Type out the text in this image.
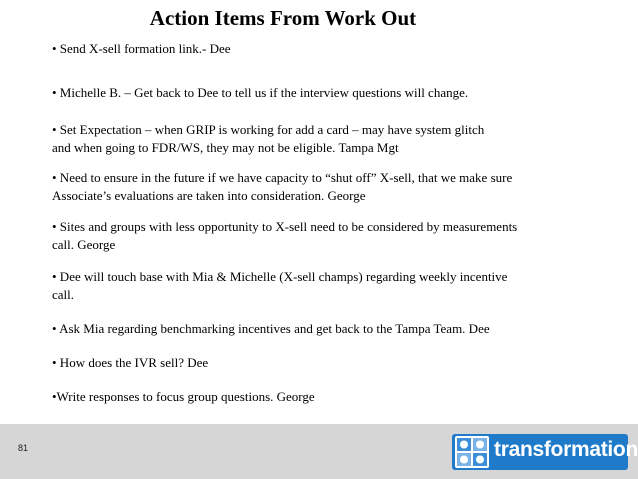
Action Items From Work Out
• Send X-sell formation link.- Dee
• Michelle B. – Get back to Dee to tell us if the interview questions will change.
• Set Expectation – when GRIP is working for add a card – may have system glitch
and when going to FDR/WS, they may not be eligible. Tampa Mgt
• Need to ensure in the future if we have capacity to “shut off” X-sell, that we make sure
Associate’s evaluations are taken into consideration. George
• Sites and groups with less opportunity to X-sell need to be considered by measurements
call. George
• Dee will touch base with Mia & Michelle (X-sell champs) regarding weekly incentive
call.
• Ask Mia regarding benchmarking incentives and get back to the Tampa Team. Dee
• How does the IVR sell? Dee
•Write responses to focus group questions. George
81	transformation
